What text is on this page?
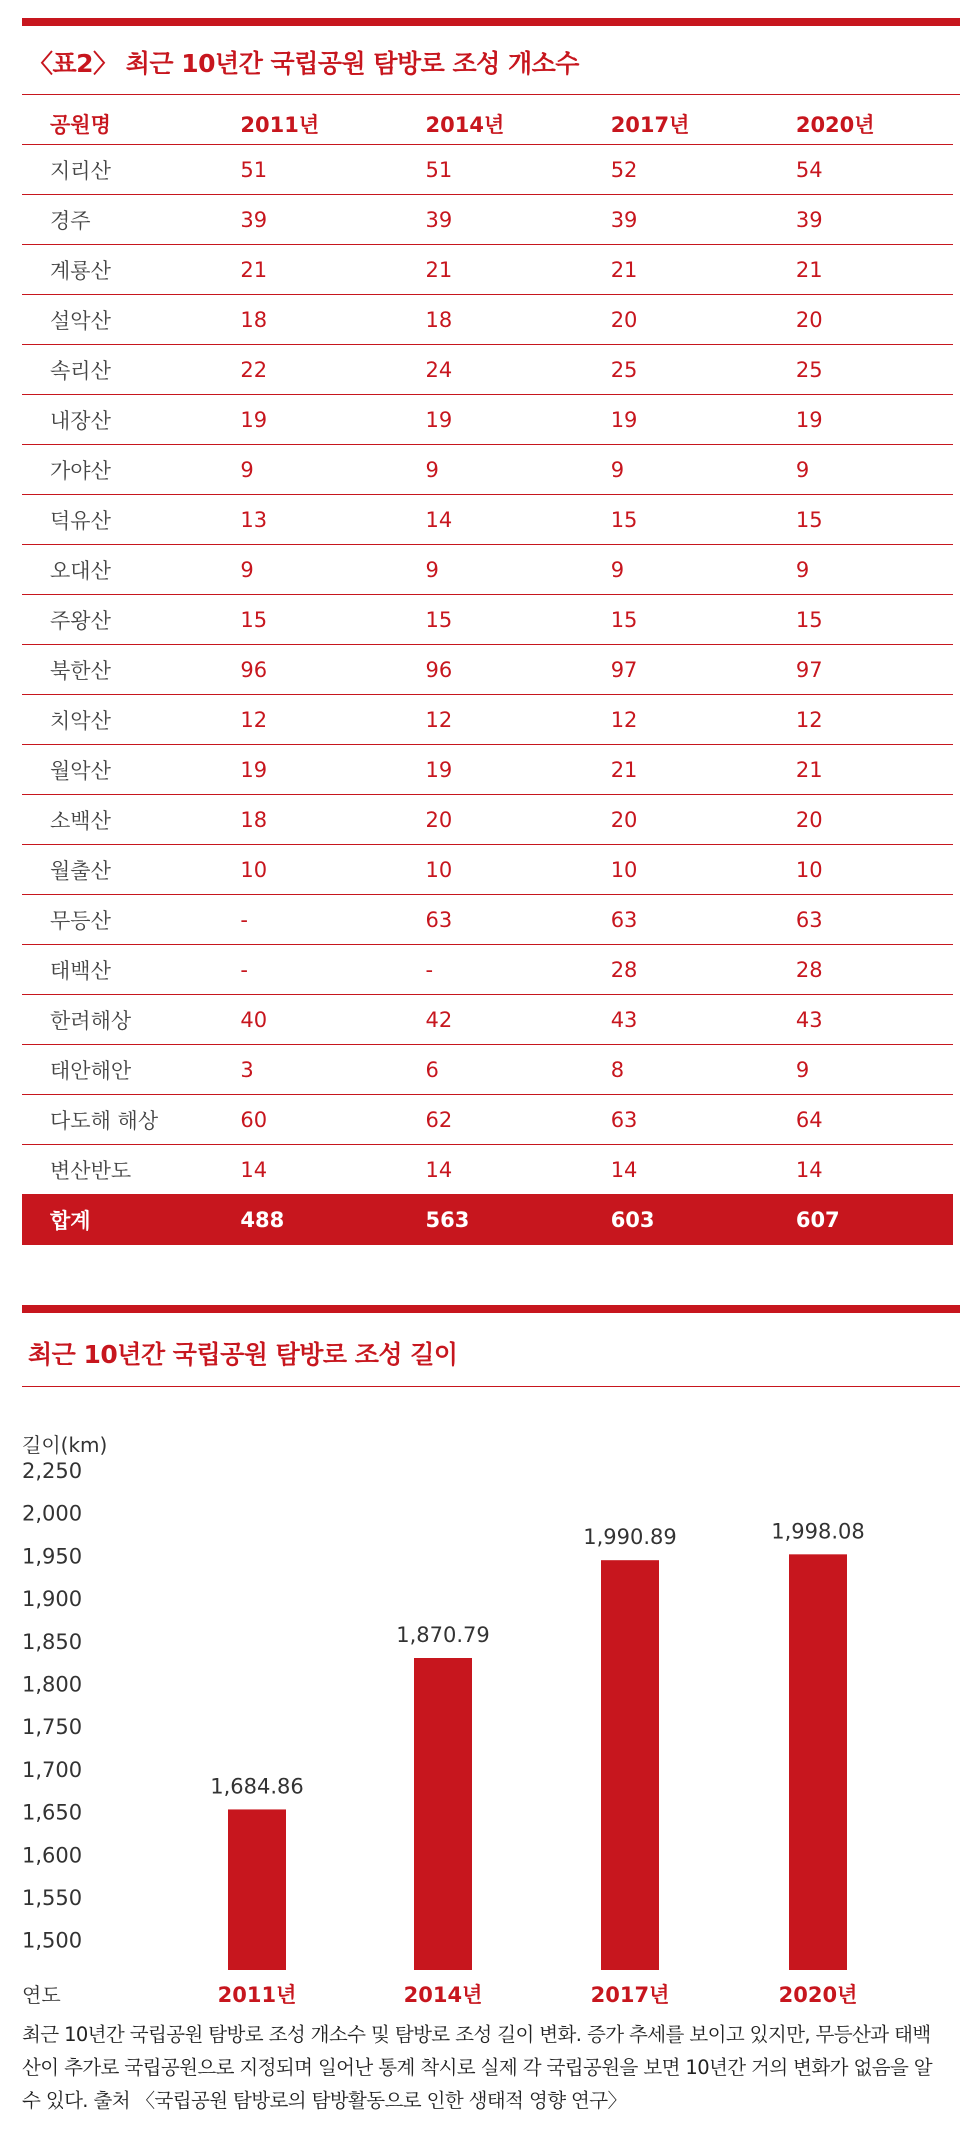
〈표2〉 최근 10년간 국립공원 탐방로 조성 개소수
공원명	2011년	2014년	2017년	2020년
지리산	51	51	52	54
경주	39	39	39	39
계룡산	21	21	21	21
설악산	18	18	20	20
속리산	22	24	25	25
내장산	19	19	19	19
가야산	9	9	9	9
덕유산	13	14	15	15
오대산	9	9	9	9
주왕산	15	15	15	15
북한산	96	96	97	97
치악산	12	12	12	12
월악산	19	19	21	21
소백산	18	20	20	20
월출산	10	10	10	10
무등산	-	63	63	63
태백산	-	-	28	28
한려해상	40	42	43	43
태안해안	3	6	8	9
다도해 해상	60	62	63	64
변산반도	14	14	14	14
합계	488	563	603	607
최근 10년간 국립공원 탐방로 조성 길이
2,250
2,000
1,950
1,900
1,850
1,800
1,750
1,700
1,650
1,600
1,550
1,500
1,684.86
1,870.79
1,990.89	1,998.08
2011년	2014년	2017년	2020년
길이(km)
연도
최근 10년간 국립공원 탐방로 조성 개소수 및 탐방로 조성 길이 변화. 증가 추세를 보이고 있지만, 무등산과 태백산이 추가로 국립공원으로 지정되며 일어난 통계 착시로 실제 각 국립공원을 보면 10년간 거의 변화가 없음을 알 수 있다. 출처 〈국립공원 탐방로의 탐방활동으로 인한 생태적 영향 연구〉
